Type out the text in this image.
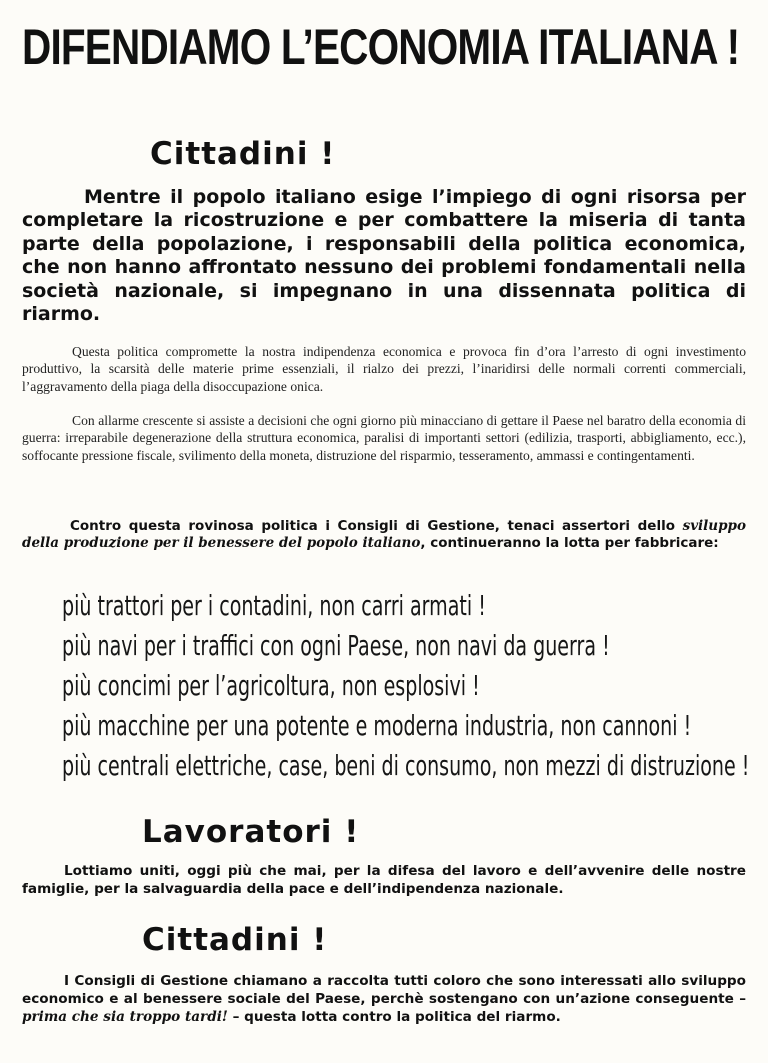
DIFENDIAMO L’ECONOMIA ITALIANA !
Cittadini !
Mentre il popolo italiano esige l’impiego di ogni risorsa per completare la ricostruzione e per combattere la miseria di tanta parte della popolazione, i responsabili della politica economica, che non hanno affrontato nessuno dei problemi fondamentali nella società nazionale, si impegnano in una dissennata politica di riarmo.
Questa politica compromette la nostra indipendenza economica e provoca fin d’ora l’arresto di ogni investimento produttivo, la scarsità delle materie prime essenziali, il rialzo dei prezzi, l’inaridirsi delle normali correnti commerciali, l’aggravamento della piaga della disoccupazione onica.
Con allarme crescente si assiste a decisioni che ogni giorno più minacciano di gettare il Paese nel baratro della economia di guerra: irreparabile degenerazione della struttura economica, paralisi di importanti settori (edilizia, trasporti, abbigliamento, ecc.), soffocante pressione fiscale, svilimento della moneta, distruzione del risparmio, tesseramento, ammassi e contingentamenti.
Contro questa rovinosa politica i Consigli di Gestione, tenaci assertori dello sviluppo della produzione per il benessere del popolo italiano, continueranno la lotta per fabbricare:
più trattori per i contadini, non carri armati !
più navi per i traffici con ogni Paese, non navi da guerra !
più concimi per l’agricoltura, non esplosivi !
più macchine per una potente e moderna industria, non cannoni !
più centrali elettriche, case, beni di consumo, non mezzi di distruzione !
Lavoratori !
Lottiamo uniti, oggi più che mai, per la difesa del lavoro e dell’avvenire delle nostre famiglie, per la salvaguardia della pace e dell’indipendenza nazionale.
Cittadini !
I Consigli di Gestione chiamano a raccolta tutti coloro che sono interessati allo sviluppo economico e al benessere sociale del Paese, perchè sostengano con un’azione conseguente – prima che sia troppo tardi! – questa lotta contro la politica del riarmo.
